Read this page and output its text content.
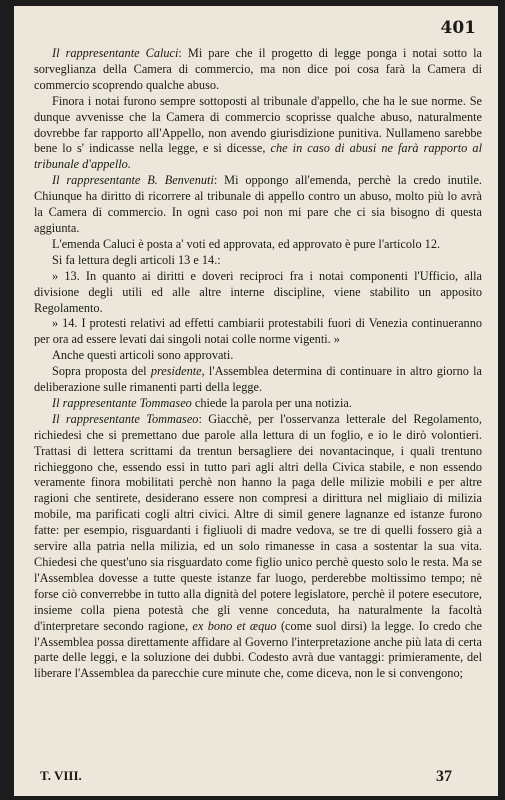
401

Il rappresentante Caluci: Mi pare che il progetto di legge ponga i notai sotto la sorveglianza della Camera di commercio, ma non dice poi cosa farà la Camera di commercio scoprendo qualche abuso.

Finora i notai furono sempre sottoposti al tribunale d'appello, che ha le sue norme. Se dunque avvenisse che la Camera di commercio scoprisse qualche abuso, naturalmente dovrebbe far rapporto all'Appello, non avendo giurisdizione punitiva. Nullameno sarebbe bene lo s' indicasse nella legge, e si dicesse, che in caso di abusi ne farà rapporto al tribunale d'appello.

Il rappresentante B. Benvenuti: Mi oppongo all'emenda, perchè la credo inutile. Chiunque ha diritto di ricorrere al tribunale di appello contro un abuso, molto più lo avrà la Camera di commercio. In ogni caso poi non mi pare che ci sia bisogno di questa aggiunta.

L'emenda Caluci è posta a' voti ed approvata, ed approvato è pure l'articolo 12.

Si fa lettura degli articoli 13 e 14.:

» 13. In quanto ai diritti e doveri reciproci fra i notai componenti l'Ufficio, alla divisione degli utili ed alle altre interne discipline, viene stabilito un apposito Regolamento.

» 14. I protesti relativi ad effetti cambiarii protestabili fuori di Venezia continueranno per ora ad essere levati dai singoli notai colle norme vigenti. »

Anche questi articoli sono approvati.

Sopra proposta del presidente, l'Assemblea determina di continuare in altro giorno la deliberazione sulle rimanenti parti della legge.

Il rappresentante Tommaseo chiede la parola per una notizia.

Il rappresentante Tommaseo: Giacchè, per l'osservanza letterale del Regolamento, richiedesi che si premettano due parole alla lettura di un foglio, e io le dirò volontieri. Trattasi di lettera scrittami da trentun bersagliere dei novantacinque, i quali trentuno richieggono che, essendo essi in tutto pari agli altri della Civica stabile, e non essendo veramente finora mobilitati perchè non hanno la paga delle milizie mobili e per altre ragioni che sentirete, desiderano essere non compresi a dirittura nel migliaio di milizia mobile, ma parificati cogli altri civici. Altre di simil genere lagnanze ed istanze furono fatte: per esempio, risguardanti i figliuoli di madre vedova, se tre di quelli fossero già a servire alla patria nella milizia, ed un solo rimanesse in casa a sostentar la sua vita. Chiedesi che quest'uno sia risguardato come figlio unico perchè questo solo le resta. Ma se l'Assemblea dovesse a tutte queste istanze far luogo, perderebbe moltissimo tempo; nè forse ciò converrebbe in tutto alla dignità del potere legislatore, perchè il potere esecutore, insieme colla piena potestà che gli venne conceduta, ha naturalmente la facoltà d'interpretare secondo ragione, ex bono et æquo (come suol dirsi) la legge. Io credo che l'Assemblea possa direttamente affidare al Governo l'interpretazione anche più lata di certa parte delle leggi, e la soluzione dei dubbi. Codesto avrà due vantaggi: primieramente, del liberare l'Assemblea da parecchie cure minute che, come diceva, non le si convengono;

T. VIII.	37
